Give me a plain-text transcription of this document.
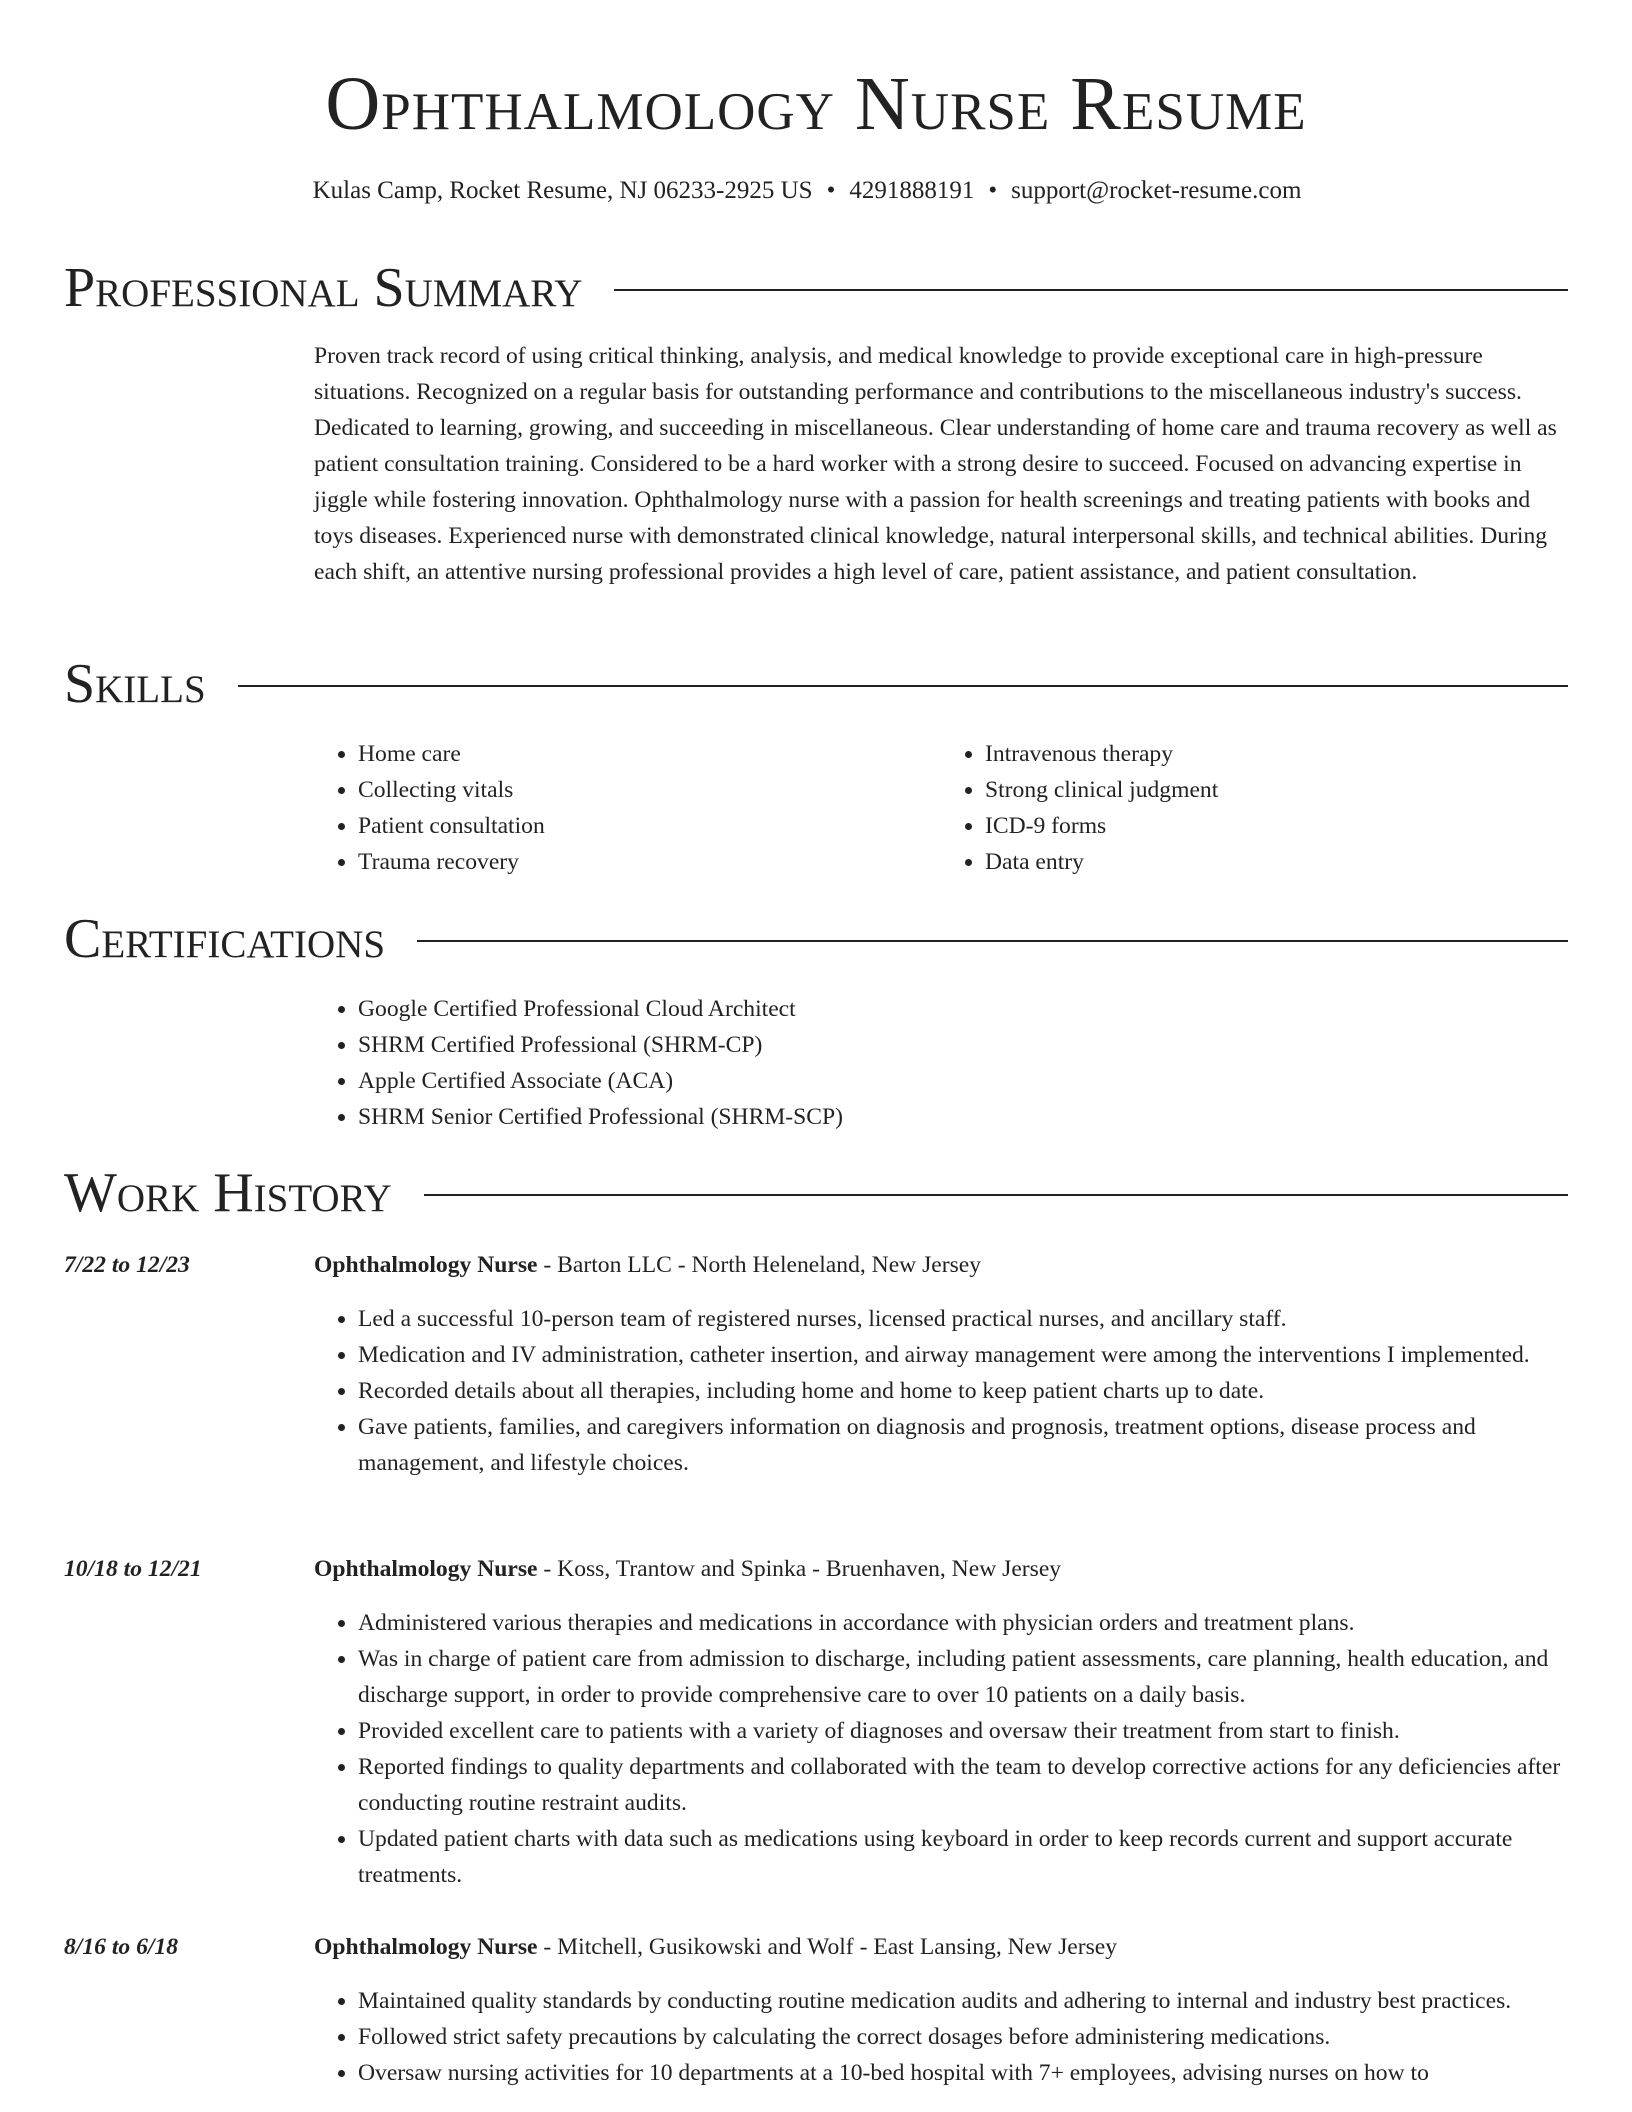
Ophthalmology Nurse Resume
Kulas Camp, Rocket Resume, NJ 06233-2925 US • 4291888191 • support@rocket-resume.com
Professional Summary

Proven track record of using critical thinking, analysis, and medical knowledge to provide exceptional care in high-pressure situations. Recognized on a regular basis for outstanding performance and contributions to the miscellaneous industry's success. Dedicated to learning, growing, and succeeding in miscellaneous. Clear understanding of home care and trauma recovery as well as patient consultation training. Considered to be a hard worker with a strong desire to succeed. Focused on advancing expertise in jiggle while fostering innovation. Ophthalmology nurse with a passion for health screenings and treating patients with books and toys diseases. Experienced nurse with demonstrated clinical knowledge, natural interpersonal skills, and technical abilities. During each shift, an attentive nursing professional provides a high level of care, patient assistance, and patient consultation.

Skills
• Home care
• Collecting vitals
• Patient consultation
• Trauma recovery
• Intravenous therapy
• Strong clinical judgment
• ICD-9 forms
• Data entry
Certifications
• Google Certified Professional Cloud Architect
• SHRM Certified Professional (SHRM-CP)
• Apple Certified Associate (ACA)
• SHRM Senior Certified Professional (SHRM-SCP)
Work History
7/22 to 12/23	Ophthalmology Nurse - Barton LLC - North Heleneland, New Jersey
• Led a successful 10-person team of registered nurses, licensed practical nurses, and ancillary staff.
• Medication and IV administration, catheter insertion, and airway management were among the interventions I implemented.
• Recorded details about all therapies, including home and home to keep patient charts up to date.
• Gave patients, families, and caregivers information on diagnosis and prognosis, treatment options, disease process and management, and lifestyle choices.
10/18 to 12/21	Ophthalmology Nurse - Koss, Trantow and Spinka - Bruenhaven, New Jersey
• Administered various therapies and medications in accordance with physician orders and treatment plans.
• Was in charge of patient care from admission to discharge, including patient assessments, care planning, health education, and discharge support, in order to provide comprehensive care to over 10 patients on a daily basis.
• Provided excellent care to patients with a variety of diagnoses and oversaw their treatment from start to finish.
• Reported findings to quality departments and collaborated with the team to develop corrective actions for any deficiencies after conducting routine restraint audits.
• Updated patient charts with data such as medications using keyboard in order to keep records current and support accurate treatments.
8/16 to 6/18	Ophthalmology Nurse - Mitchell, Gusikowski and Wolf - East Lansing, New Jersey
• Maintained quality standards by conducting routine medication audits and adhering to internal and industry best practices.
• Followed strict safety precautions by calculating the correct dosages before administering medications.
• Oversaw nursing activities for 10 departments at a 10-bed hospital with 7+ employees, advising nurses on how to
